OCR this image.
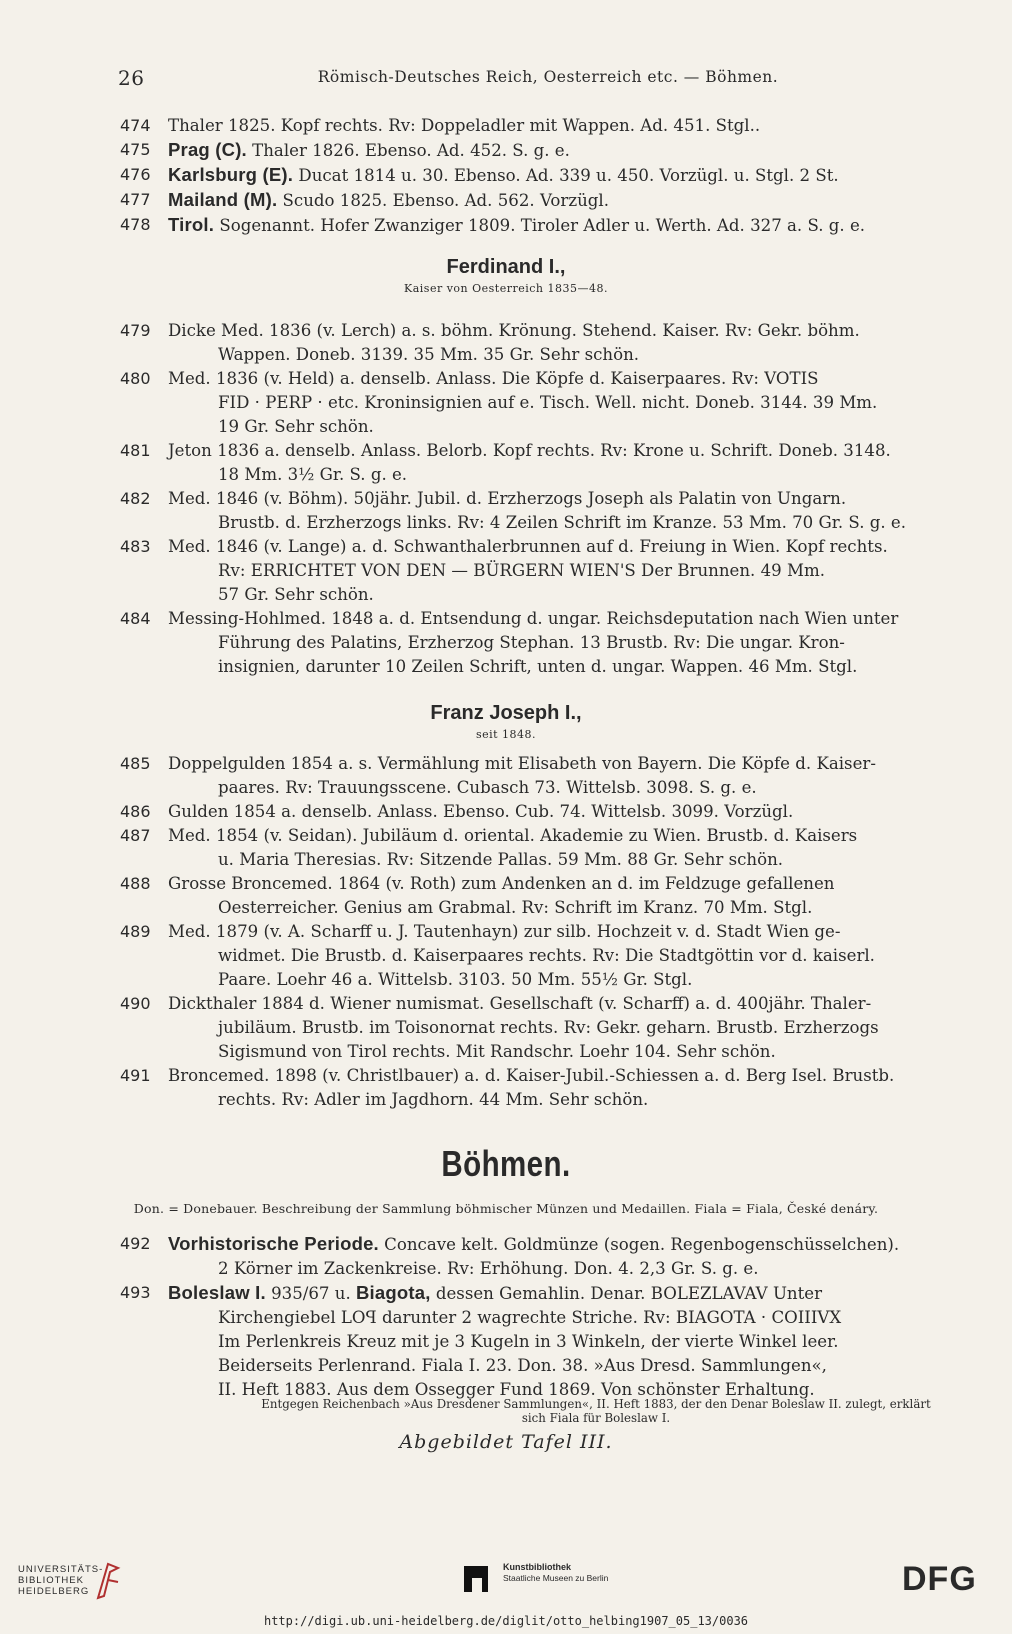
26	Römisch-Deutsches Reich, Oesterreich etc. — Böhmen.
474 Thaler 1825. Kopf rechts. Rv: Doppeladler mit Wappen. Ad. 451. Stgl..
475 Prag (C). Thaler 1826. Ebenso. Ad. 452. S. g. e.
476 Karlsburg (E). Ducat 1814 u. 30. Ebenso. Ad. 339 u. 450. Vorzügl. u. Stgl. 2 St.
477 Mailand (M). Scudo 1825. Ebenso. Ad. 562. Vorzügl.
478 Tirol. Sogenannt. Hofer Zwanziger 1809. Tiroler Adler u. Werth. Ad. 327 a. S. g. e.
Ferdinand I.,
Kaiser von Oesterreich 1835—48.
479 Dicke Med. 1836 (v. Lerch) a. s. böhm. Krönung. Stehend. Kaiser. Rv: Gekr. böhm.
Wappen. Doneb. 3139. 35 Mm. 35 Gr. Sehr schön.
480 Med. 1836 (v. Held) a. denselb. Anlass. Die Köpfe d. Kaiserpaares. Rv: VOTIS
FID · PERP · etc. Kroninsignien auf e. Tisch. Well. nicht. Doneb. 3144. 39 Mm.
19 Gr. Sehr schön.
481 Jeton 1836 a. denselb. Anlass. Belorb. Kopf rechts. Rv: Krone u. Schrift. Doneb. 3148.
18 Mm. 3½ Gr. S. g. e.
482 Med. 1846 (v. Böhm). 50jähr. Jubil. d. Erzherzogs Joseph als Palatin von Ungarn.
Brustb. d. Erzherzogs links. Rv: 4 Zeilen Schrift im Kranze. 53 Mm. 70 Gr. S. g. e.
483 Med. 1846 (v. Lange) a. d. Schwanthalerbrunnen auf d. Freiung in Wien. Kopf rechts.
Rv: ERRICHTET VON DEN — BÜRGERN WIEN'S Der Brunnen. 49 Mm.
57 Gr. Sehr schön.
484 Messing-Hohlmed. 1848 a. d. Entsendung d. ungar. Reichsdeputation nach Wien unter
Führung des Palatins, Erzherzog Stephan. 13 Brustb. Rv: Die ungar. Kron-
insignien, darunter 10 Zeilen Schrift, unten d. ungar. Wappen. 46 Mm. Stgl.
Franz Joseph I.,
seit 1848.
485 Doppelgulden 1854 a. s. Vermählung mit Elisabeth von Bayern. Die Köpfe d. Kaiser-
paares. Rv: Trauungsscene. Cubasch 73. Wittelsb. 3098. S. g. e.
486 Gulden 1854 a. denselb. Anlass. Ebenso. Cub. 74. Wittelsb. 3099. Vorzügl.
487 Med. 1854 (v. Seidan). Jubiläum d. oriental. Akademie zu Wien. Brustb. d. Kaisers
u. Maria Theresias. Rv: Sitzende Pallas. 59 Mm. 88 Gr. Sehr schön.
488 Grosse Broncemed. 1864 (v. Roth) zum Andenken an d. im Feldzuge gefallenen
Oesterreicher. Genius am Grabmal. Rv: Schrift im Kranz. 70 Mm. Stgl.
489 Med. 1879 (v. A. Scharff u. J. Tautenhayn) zur silb. Hochzeit v. d. Stadt Wien ge-
widmet. Die Brustb. d. Kaiserpaares rechts. Rv: Die Stadtgöttin vor d. kaiserl.
Paare. Loehr 46 a. Wittelsb. 3103. 50 Mm. 55½ Gr. Stgl.
490 Dickthaler 1884 d. Wiener numismat. Gesellschaft (v. Scharff) a. d. 400jähr. Thaler-
jubiläum. Brustb. im Toisonornat rechts. Rv: Gekr. geharn. Brustb. Erzherzogs
Sigismund von Tirol rechts. Mit Randschr. Loehr 104. Sehr schön.
491 Broncemed. 1898 (v. Christlbauer) a. d. Kaiser-Jubil.-Schiessen a. d. Berg Isel. Brustb.
rechts. Rv: Adler im Jagdhorn. 44 Mm. Sehr schön.
Böhmen.
Don. = Donebauer. Beschreibung der Sammlung böhmischer Münzen und Medaillen. Fiala = Fiala, České denáry.
492 Vorhistorische Periode. Concave kelt. Goldmünze (sogen. Regenbogenschüsselchen).
2 Körner im Zackenkreise. Rv: Erhöhung. Don. 4. 2,3 Gr. S. g. e.
493 Boleslaw I. 935/67 u. Biagota, dessen Gemahlin. Denar. BOLEZLAVAV Unter
Kirchengiebel LOꟼ darunter 2 wagrechte Striche. Rv: BIAGOTA · COIIIVX
Im Perlenkreis Kreuz mit je 3 Kugeln in 3 Winkeln, der vierte Winkel leer.
Beiderseits Perlenrand. Fiala I. 23. Don. 38. »Aus Dresd. Sammlungen«,
II. Heft 1883. Aus dem Ossegger Fund 1869. Von schönster Erhaltung.
Entgegen Reichenbach »Aus Dresdener Sammlungen«, II. Heft 1883, der den Denar Boleslaw II. zulegt, erklärt
sich Fiala für Boleslaw I.
Abgebildet Tafel III.
UNIVERSITÄTS-
BIBLIOTHEK
HEIDELBERG
Kunstbibliothek
Staatliche Museen zu Berlin	DFG
http://digi.ub.uni-heidelberg.de/diglit/otto_helbing1907_05_13/0036
